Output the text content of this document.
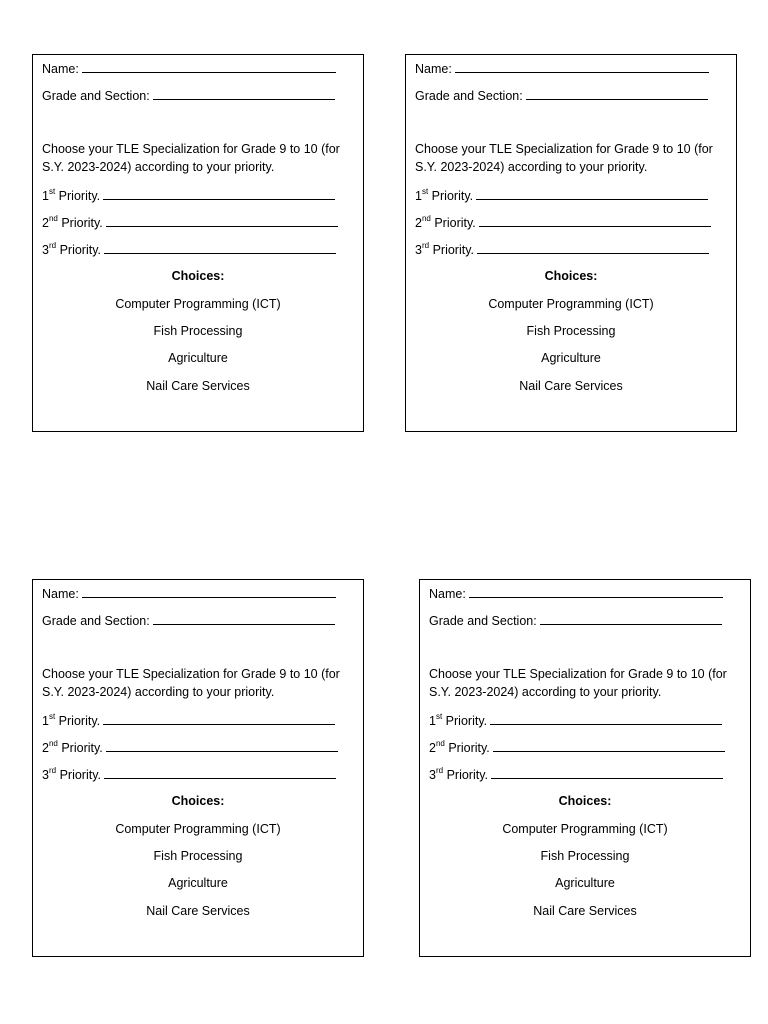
Name:
Grade and Section:
Choose your TLE Specialization for Grade 9 to 10 (for S.Y. 2023-2024) according to your priority.
1st Priority.
2nd Priority.
3rd Priority.
Choices:
Computer Programming (ICT)
Fish Processing
Agriculture
Nail Care Services
Name:
Grade and Section:
Choose your TLE Specialization for Grade 9 to 10 (for S.Y. 2023-2024) according to your priority.
1st Priority.
2nd Priority.
3rd Priority.
Choices:
Computer Programming (ICT)
Fish Processing
Agriculture
Nail Care Services
Name:
Grade and Section:
Choose your TLE Specialization for Grade 9 to 10 (for S.Y. 2023-2024) according to your priority.
1st Priority.
2nd Priority.
3rd Priority.
Choices:
Computer Programming (ICT)
Fish Processing
Agriculture
Nail Care Services
Name:
Grade and Section:
Choose your TLE Specialization for Grade 9 to 10 (for S.Y. 2023-2024) according to your priority.
1st Priority.
2nd Priority.
3rd Priority.
Choices:
Computer Programming (ICT)
Fish Processing
Agriculture
Nail Care Services
